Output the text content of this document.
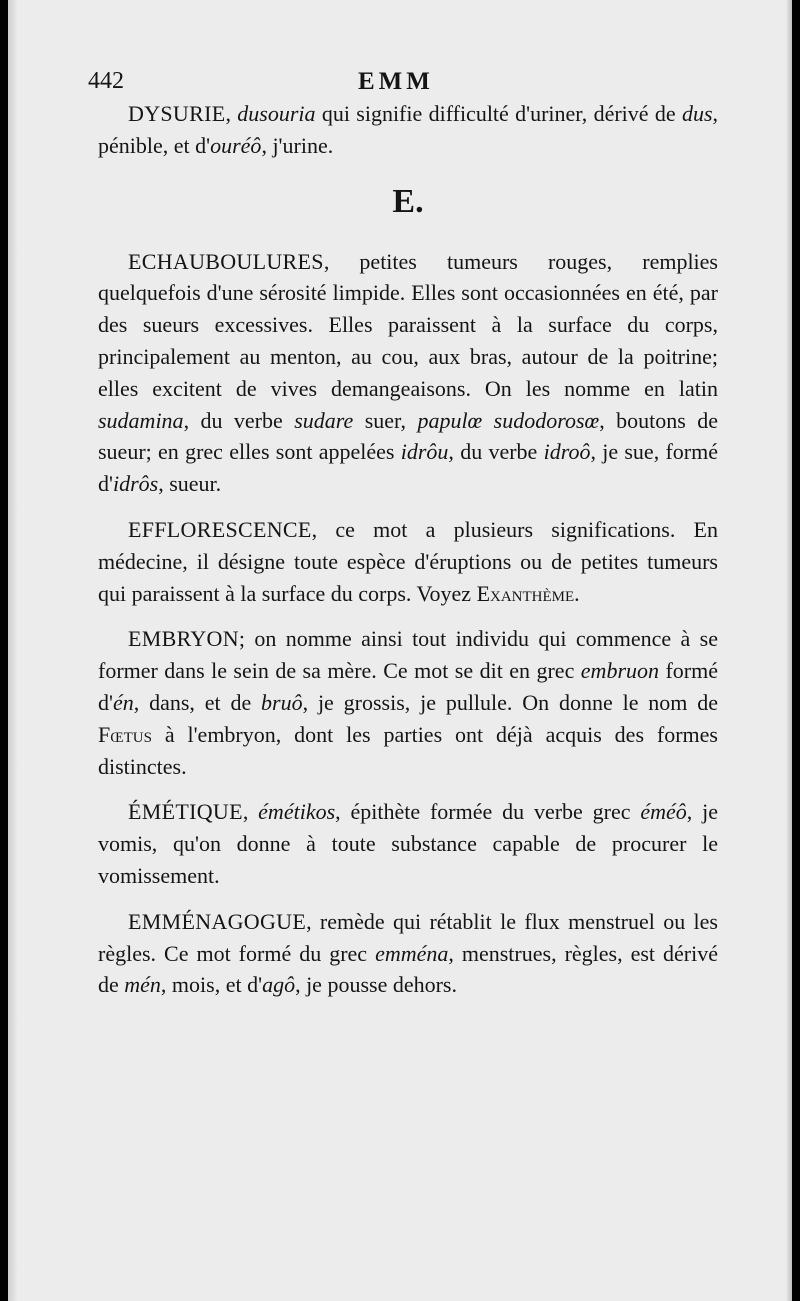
442	EMM

DYSURIE, dusouria qui signifie difficulté d'uriner, dérivé de dus, pénible, et d'ouréô, j'urine.

E.

ECHAUBOULURES, petites tumeurs rouges, remplies quelquefois d'une sérosité limpide. Elles sont occasionnées en été, par des sueurs excessives. Elles paraissent à la surface du corps, principalement au menton, au cou, aux bras, autour de la poitrine; elles excitent de vives demangeaisons. On les nomme en latin sudamina, du verbe sudare suer, papulœ sudodorosœ, boutons de sueur; en grec elles sont appelées idrôu, du verbe idroô, je sue, formé d'idrôs, sueur.

EFFLORESCENCE, ce mot a plusieurs significations. En médecine, il désigne toute espèce d'éruptions ou de petites tumeurs qui paraissent à la surface du corps. Voyez Exanthème.

EMBRYON; on nomme ainsi tout individu qui commence à se former dans le sein de sa mère. Ce mot se dit en grec embruon formé d'én, dans, et de bruô, je grossis, je pullule. On donne le nom de Fœtus à l'embryon, dont les parties ont déjà acquis des formes distinctes.

ÉMÉTIQUE, émétikos, épithète formée du verbe grec éméô, je vomis, qu'on donne à toute substance capable de procurer le vomissement.

EMMÉNAGOGUE, remède qui rétablit le flux menstruel ou les règles. Ce mot formé du grec emména, menstrues, règles, est dérivé de mén, mois, et d'agô, je pousse dehors.
